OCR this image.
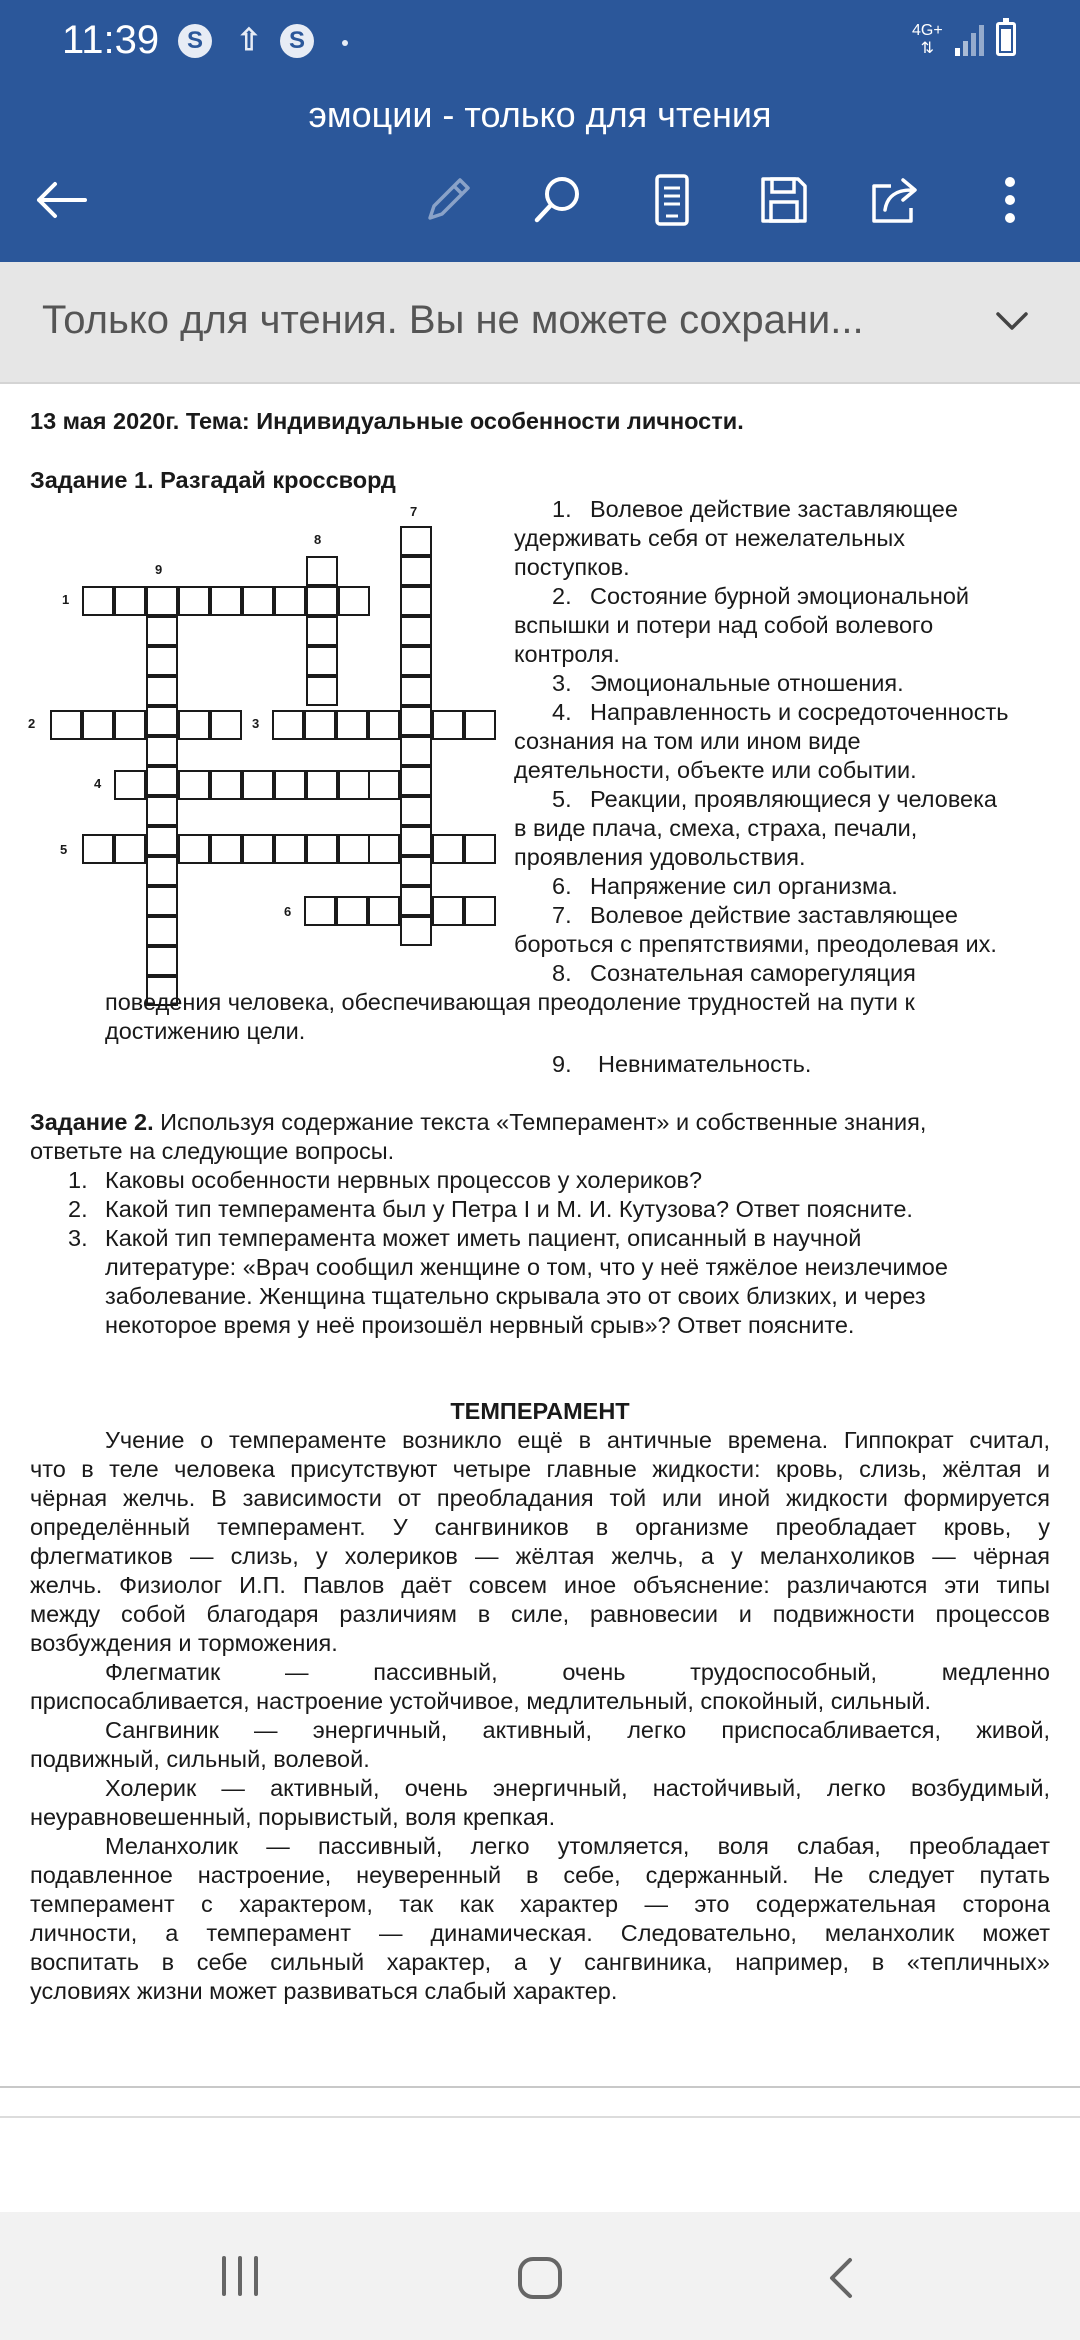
11:39	S	⇧	S	4G+
⇅
эмоции - только для чтения
Только для чтения. Вы не можете сохрани...
13 мая 2020г. Тема: Индивидуальные особенности личности.
Задание 1. Разгадай кроссворд
1
2	3
4
5
6
7
8
9
1. Волевое действие заставляющее
удерживать себя от нежелательных
поступков.
2. Состояние бурной эмоциональной
вспышки и потери над собой волевого
контроля.
3. Эмоциональные отношения.
4. Направленность и сосредоточенность
сознания на том или ином виде
деятельности, объекте или событии.
5. Реакции, проявляющиеся у человека
в виде плача, смеха, страха, печали,
проявления удовольствия.
6. Напряжение сил организма.
7. Волевое действие заставляющее
бороться с препятствиями, преодолевая их.
8. Сознательная саморегуляция
поведения человека, обеспечивающая преодоление трудностей на пути к
достижению цели.
9. Невнимательность.
Задание 2. Используя содержание текста «Темперамент» и собственные знания,
ответьте на следующие вопросы.
1. Каковы особенности нервных процессов у холериков?
2. Какой тип темперамента был у Петра I и М. И. Кутузова? Ответ поясните.
3. Какой тип темперамента может иметь пациент, описанный в научной
литературе: «Врач сообщил женщине о том, что у неё тяжёлое неизлечимое
заболевание. Женщина тщательно скрывала это от своих близких, и через
некоторое время у неё произошёл нервный срыв»? Ответ поясните.
ТЕМПЕРАМЕНТ
Учение о темпераменте возникло ещё в античные времена. Гиппократ считал,
что в теле человека присутствуют четыре главные жидкости: кровь, слизь, жёлтая и
чёрная желчь. В зависимости от преобладания той или иной жидкости формируется
определённый темперамент. У сангвиников в организме преобладает кровь, у
флегматиков — слизь, у холериков — жёлтая желчь, а у меланхоликов — чёрная
желчь. Физиолог И.П. Павлов даёт совсем иное объяснение: различаются эти типы
между собой благодаря различиям в силе, равновесии и подвижности процессов
возбуждения и торможения.
Флегматик — пассивный, очень трудоспособный, медленно
приспосабливается, настроение устойчивое, медлительный, спокойный, сильный.
Сангвиник — энергичный, активный, легко приспосабливается, живой,
подвижный, сильный, волевой.
Холерик — активный, очень энергичный, настойчивый, легко возбудимый,
неуравновешенный, порывистый, воля крепкая.
Меланхолик — пассивный, легко утомляется, воля слабая, преобладает
подавленное настроение, неуверенный в себе, сдержанный. Не следует путать
темперамент с характером, так как характер — это содержательная сторона
личности, а темперамент — динамическая. Следовательно, меланхолик может
воспитать в себе сильный характер, а у сангвиника, например, в «тепличных»
условиях жизни может развиваться слабый характер.
